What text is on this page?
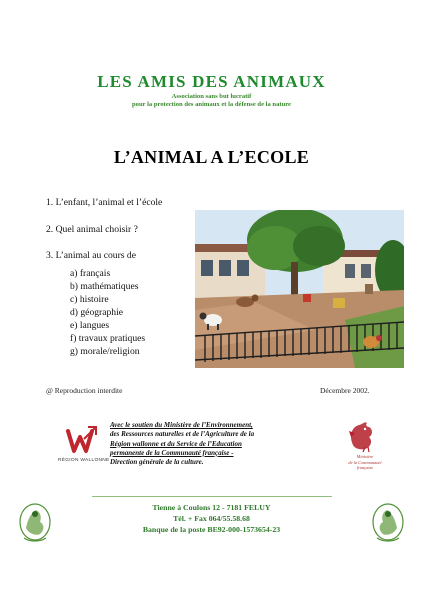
LES AMIS DES ANIMAUX
Association sans but lucratif
pour la protection des animaux et la défense de la nature
L’ANIMAL A L’ECOLE
1. L’enfant, l’animal et l’école
2. Quel animal choisir ?
3. L’animal au cours de
a) français
b) mathématiques
c) histoire
d) géographie
e) langues
f) travaux pratiques
g) morale/religion
@ Reproduction interdite	Décembre 2002.
RÉGION WALLONNE
Avec le soutien du Ministère de l’Environnement,
des Ressources naturelles et de l’Agriculture de la
Région wallonne et du Service de l’Education
permanente de la Communauté française -
Direction générale de la culture.
Ministère
de la Communauté
française
Tienne à Coulons 12 - 7181 FELUY
Tél. + Fax 064/55.58.68
Banque de la poste BE92-000-1573654-23
